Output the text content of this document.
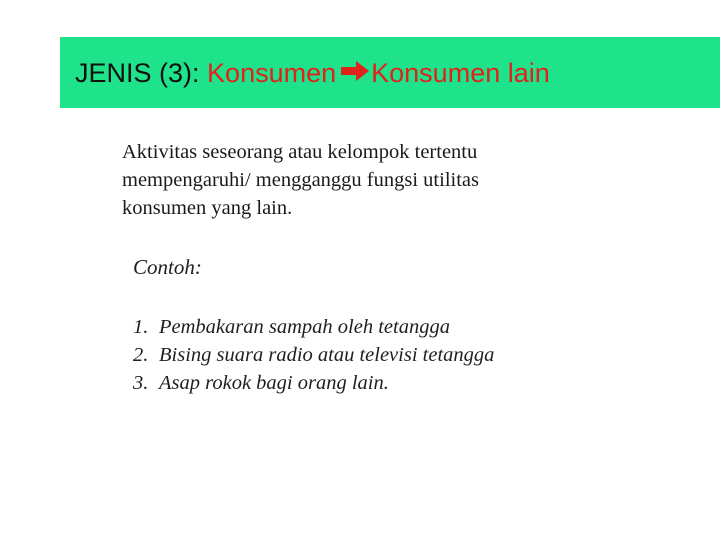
JENIS (3): Konsumen Konsumen lain
Aktivitas seseorang atau kelompok tertentu
mempengaruhi/ mengganggu fungsi utilitas
konsumen yang lain.
Contoh:
1. Pembakaran sampah oleh tetangga
2. Bising suara radio atau televisi tetangga
3. Asap rokok bagi orang lain.
